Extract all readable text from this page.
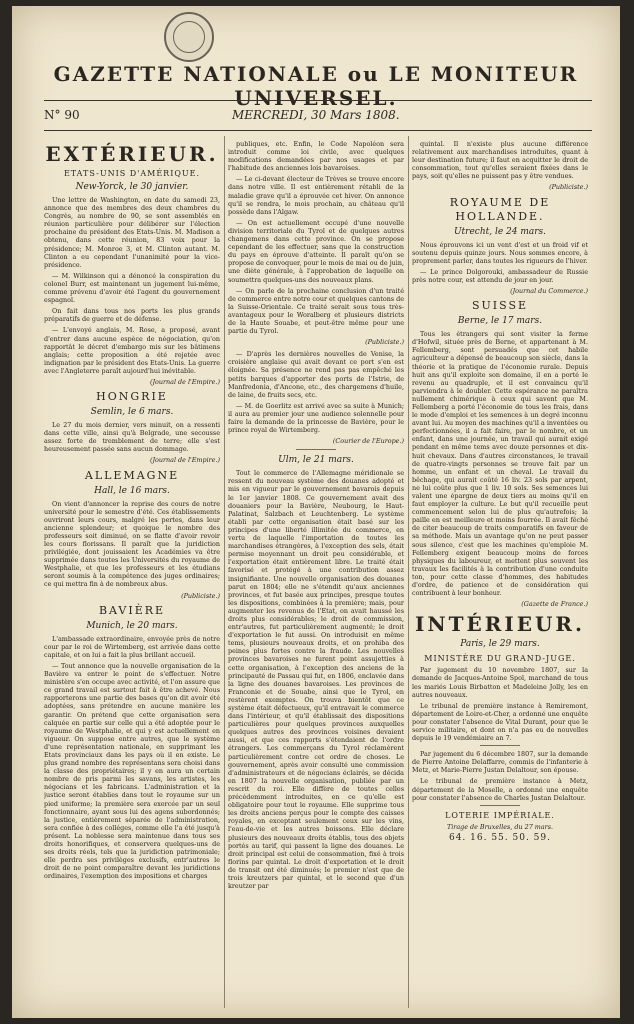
GAZETTE NATIONALE ou LE MONITEUR UNIVERSEL.
N° 90	MERCREDI, 30 Mars 1808.
EXTÉRIEUR.
ETATS-UNIS D'AMÉRIQUE.
New-Yorck, le 30 janvier.

Une lettre de Washington, en date du samedi 23, annonce que des membres des deux chambres du Congrès, au nombre de 90, se sont assemblés en réunion particulière pour délibérer sur l'élection prochaine du président des Etats-Unis. M. Madison a obtenu, dans cette réunion, 83 voix pour la présidence; M. Monroe 3, et M. Clinton autant. M. Clinton a eu cependant l'unanimité pour la vice-présidence.

— M. Wilkinson qui a dénoncé la conspiration du colonel Burr, est maintenant un jugement lui-même, comme prévenu d'avoir été l'agent du gouvernement espagnol.

On fait dans tous nos ports les plus grands préparatifs de guerre et de défense.

— L'envoyé anglais, M. Rose, a proposé, avant d'entrer dans aucune espèce de négociation, qu'on rapportât le décret d'embargo mis sur les bâtimens anglais; cette proposition a été rejetée avec indignation par le président des Etats-Unis. La guerre avec l'Angleterre paraît aujourd'hui inévitable.

(Journal de l'Empire.)
HONGRIE
Semlin, le 6 mars.

Le 27 du mois dernier, vers minuit, on a ressenti dans cette ville, ainsi qu'à Belgrade, une secousse assez forte de tremblement de terre; elle s'est heureusement passée sans aucun dommage.

(Journal de l'Empire.)
ALLEMAGNE
Hall, le 16 mars.

On vient d'annoncer la reprise des cours de notre université pour le semestre d'été. Ces établissements ouvriront leurs cours, malgré les pertes, dans leur ancienne splendeur; et quoique le nombre des professeurs soit diminué, on se flatte d'avoir revoir les cours florissans. Il paraît que la juridiction privilégiée, dont jouissaient les Académies va être supprimée dans toutes les Universités du royaume de Westphalie, et que les professeurs et les étudians seront soumis à la compétence des juges ordinaires; ce qui mettra fin à de nombreux abus.

(Publiciste.)
BAVIÈRE
Munich, le 20 mars.

L'ambassade extraordinaire, envoyée près de notre cour par le roi de Wirtemberg, est arrivée dans cette capitale, et on lui a fait la plus brillant accueil.

— Tout annonce que la nouvelle organisation de la Bavière va entrer le point de s'effectuer. Notre ministère s'en occupe avec activité, et l'on assure que ce grand travail est surtout fait à être achevé. Nous rapporterons une partie des bases qu'on dit avoir été adoptées, sans prétendre en aucune manière les garantir. On prétend que cette organisation sera calquée en partie sur celle qui a été adoptée pour le royaume de Westphalie, et qui y est actuellement en vigueur. On suppose entre autres, que le système d'une représentation nationale, en supprimant les Etats provinciaux dans les pays où il en existe. Le plus grand nombre des représentans sera choisi dans la classe des propriétaires; il y en aura un certain nombre de pris parmi les savans, les artistes, les négocians et les fabricans. L'administration et la justice seront établies dans tout le royaume sur un pied uniforme; la première sera exercée par un seul fonctionnaire, ayant sous lui des agens subordonnés; la justice, entièrement séparée de l'administration, sera confiée à des colléges, comme elle l'a été jusqu'à présent. La noblesse sera maintenue dans tous ses droits honorifiques, et conservera quelques-uns de ses droits réels, tels que la juridiction patrimoniale; elle perdra ses privilèges exclusifs, entr'autres le droit de ne point comparaître devant les juridictions ordinaires, l'exemption des impositions et charges

publiques, etc. Enfin, le Code Napoléon sera introduit comme loi civile, avec quelques modifications demandées par nos usages et par l'habitude des anciennes lois bavaroises.

— Le ci-devant électeur de Trèves se trouve encore dans notre ville. Il est entièrement rétabli de la maladie grave qu'il a éprouvée cet hiver. On annonce qu'il se rendra, le mois prochain, au château qu'il possède dans l'Algaw.

— On est actuellement occupé d'une nouvelle division territoriale du Tyrol et de quelques autres changemens dans cette province. On se propose cependant de les effectuer, sans que la construction du pays en éprouve d'atteinte. Il paraît qu'on se propose de convoquer, pour le mois de mai ou de juin, une diète générale, à l'approbation de laquelle on soumettra quelques-uns des nouveaux plans.

— On parle de la prochaine conclusion d'un traité de commerce entre notre cour et quelques cantons de la Suisse-Orientale. Ce traité serait sous tous très-avantageux pour le Woralberg et plusieurs districts de la Haute Souabe, et peut-être même pour une partie du Tyrol.

(Publiciste.)

— D'après les dernières nouvelles de Venise, la croisière anglaise qui avait devant ce port s'en est éloignée. Sa présence ne rend pas pas empêché les petits barques d'apporter des ports de l'Istrie, de Manfredonia, d'Ancone, etc., des chargemens d'huile, de laine, de fruits secs, etc.

— M. de Goerlitz est arrivé avec sa suite à Munich; il aura au premier jour une audience solennelle pour faire la demande de la princesse de Bavière, pour le prince royal de Wirtemberg.

(Courier de l'Europe.)
Ulm, le 21 mars.

Tout le commerce de l'Allemagne méridionale se ressent du nouveau système des douanes adopté et mis en vigueur par le gouvernement bavarois depuis le 1er janvier 1808. Ce gouvernement avait des douaniers pour la Bavière, Neubourg, le Haut-Palatinat, Salzbach et Leuchtenberg. Le système établi par cette organisation était basé sur les principes d'une liberté illimitée du commerce, en vertu de laquelle l'importation de toutes les marchandises étrangères, à l'exception des sels, était permise moyennant un droit peu considérable, et l'exportation était entièrement libre. Le traité était favorisé et protégé à une contribution assez insignifiante. Une nouvelle organisation des douanes parut en 1804; elle ne s'étendit qu'aux anciennes provinces, et fut basée aux principes, presque toutes les dispositions, combinées à la première; mais, pour augmenter les revenus de l'Etat, on avait haussé les droits plus considérables; le droit de commission, entr'autres, fut particulièrement augmenté; le droit d'exportation le fut aussi. On introduisit en même tems, plusieurs nouveaux droits, et on prohiba des peines plus fortes contre la fraude. Les nouvelles provinces bavaroises ne furent point assujetties à cette organisation, à l'exception des anciens de la principauté de Passau qui fut, en 1806, enclavée dans la ligne des douanes bavaroises. Les provinces de Franconie et de Souabe, ainsi que le Tyrol, en restèrent exemptes. On trouva bientôt que ce système était défectueux, qu'il entravait le commerce dans l'intérieur, et qu'il établissait des dispositions particulières pour quelques provinces auxquelles quelques autres des provinces voisines devaient aussi, et que ces rapports s'étendaient de l'ordre étrangers. Les commerçans du Tyrol réclamèrent particulièrement contre cet ordre de choses. Le gouvernement, après avoir consulté une commission d'administrateurs et de négocians éclairés, se décida en 1807 la nouvelle organisation, publiée par un rescrit du roi. Elle diffère de toutes celles précédemment introduites, en ce qu'elle est obligatoire pour tout le royaume. Elle supprime tous les droits anciens perçus pour le compte des caisses royales, en exceptant seulement ceux sur les vins, l'eau-de-vie et les autres boissons. Elle déclare plusieurs des nouveaux droits établis, tous des objets portés au tarif, qui passent la ligne des douanes. Le droit principal est celui de consommation, fixé à trois florins par quintal. Le droit d'exportation et le droit de transit ont été diminués; le premier n'est que de trois kreutzers par quintal, et le second que d'un kreutzer par

quintal. Il n'existe plus aucune différence relativement aux marchandises introduites, quant à leur destination future; il faut en acquitter le droit de consommation, tout qu'elles seraient fixées dans le pays, soit qu'elles ne puissent pas y être vendues.

(Publiciste.)
ROYAUME DE HOLLANDE.
Utrecht, le 24 mars.

Nous éprouvons ici un vent d'est et un froid vif et soutenu depuis quinze jours. Nous sommes encore, à proprement parler, dans toutes les rigueurs de l'hiver.

— Le prince Dolgorouki, ambassadeur de Russie près notre cour, est attendu de jour en jour.

(Journal du Commerce.)
SUISSE
Berne, le 17 mars.

Tous les étrangers qui sont visiter la ferme d'Hofwil, située près de Berne, et appartenant à M. Fellemberg, sont persuadés que cet habile agriculteur a dépensé de beaucoup son siècle, dans la théorie et la pratique de l'économie rurale. Depuis huit ans qu'il exploite son domaine, il en a porté le revenu au quadruple, et il est convaincu qu'il parviendra à le doubler. Cette espérance ne paraîtra nullement chimérique à ceux qui savent que M. Fellemberg a porté l'économie de tous les frais, dans le mode d'emploi et les semences à un degré inconnu avant lui. Au moyen des machines qu'il a inventées ou perfectionnées, il a fait faire, par le nombre, et un enfant, dans une journée, un travail qui aurait exigé pendant en même tems avec douze personnes et dix-huit chevaux. Dans d'autres circonstances, le travail de quatre-vingts personnes se trouve fait par un homme, un enfant et un cheval. Le travail du bêchage, qui aurait coûté 16 liv. 23 sols par arpent, ne lui coûte plus que 1 liv. 10 sols. Ses semences lui valent une épargne de deux tiers au moins qu'il en faut employer la culture. Le but qu'il recueille peut commencement selon lui de plus qu'autrefois; la paille en est meilleure et moins fourrée. Il avait fêché de citer beaucoup de traits comparatifs en faveur de sa méthode. Mais un avantage qu'on ne peut passer sous silence, c'est que les machines qu'emploie M. Fellemberg exigent beaucoup moins de forces physiques du laboureur, et mettent plus souvent les travaux les facilités à la contribution d'une conduite ton, pour cette classe d'hommes, des habitudes d'ordre, de patience et de considération qui contribuent à leur bonheur.

(Gazette de France.)
INTÉRIEUR.
Paris, le 29 mars.
MINISTÈRE DU GRAND-JUGE.

Par jugement du 10 novembre 1807, sur la demande de Jacques-Antoine Spol, marchand de tous les mariés Louis Birbatton et Madeleine Jolly, les en autres nouveaux.

Le tribunal de première instance à Remiremont, département de Loire-et-Cher, a ordonné une enquête pour constater l'absence de Vital Durant, pour que le service militaire, et dont on n'a pas eu de nouvelles depuis le 19 vendémiaire an 7.

Par jugement du 6 décembre 1807, sur la demande de Pierre Antoine Delaffarre, commis de l'infanterie à Metz, et Marie-Pierre Justan Delaltour, son épouse.

Le tribunal de première instance à Metz, département de la Moselle, a ordonné une enquête pour constater l'absence de Charles Justan Delaltour.

LOTERIE IMPÉRIALE.
Tirage de Bruxelles, du 27 mars.
64. 16. 55. 50. 59.
